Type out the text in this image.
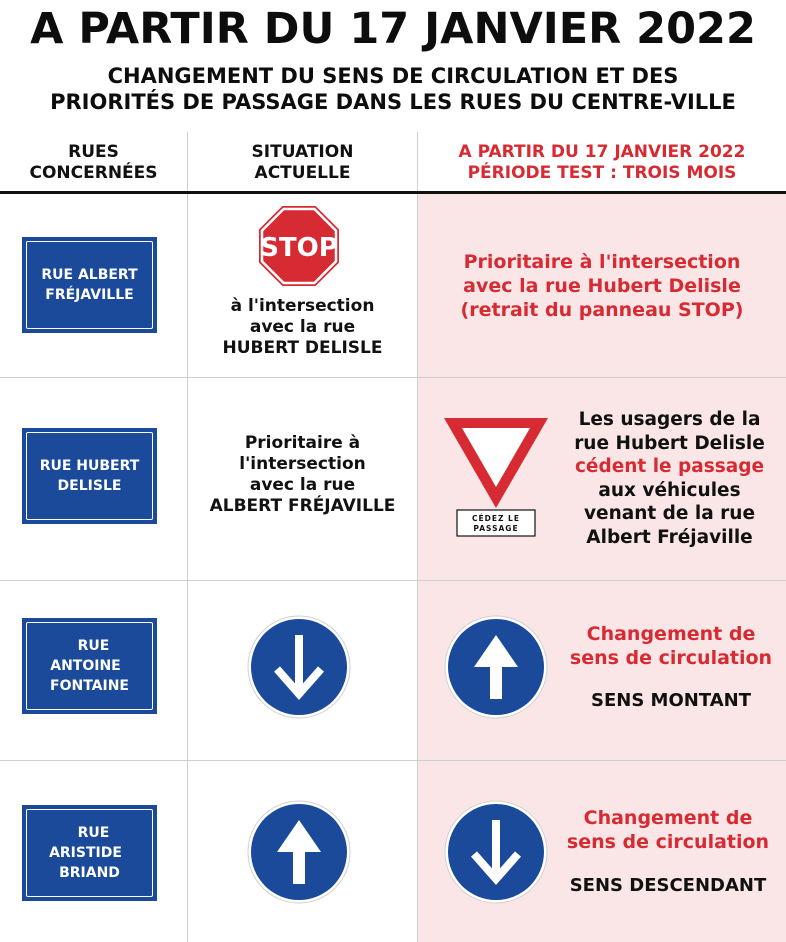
A PARTIR DU 17 JANVIER 2022
CHANGEMENT DU SENS DE CIRCULATION ET DES
PRIORITÉS DE PASSAGE DANS LES RUES DU CENTRE-VILLE
RUES
CONCERNÉES
SITUATION
ACTUELLE
A PARTIR DU 17 JANVIER 2022
PÉRIODE TEST : TROIS MOIS
RUE ALBERT
FRÉJAVILLE
STOP
à l'intersection
avec la rue
HUBERT DELISLE
Prioritaire à l'intersection
avec la rue Hubert Delisle
(retrait du panneau STOP)
RUE HUBERT
DELISLE
Prioritaire à
l'intersection
avec la rue
ALBERT FRÉJAVILLE
CÉDEZ LE
PASSAGE
Les usagers de la
rue Hubert Delisle
cédent le passage
aux véhicules
venant de la rue
Albert Fréjaville
RUE ANTOINE
FONTAINE
Changement de
sens de circulation
SENS MONTANT
RUE ARISTIDE
BRIAND
Changement de
sens de circulation
SENS DESCENDANT
